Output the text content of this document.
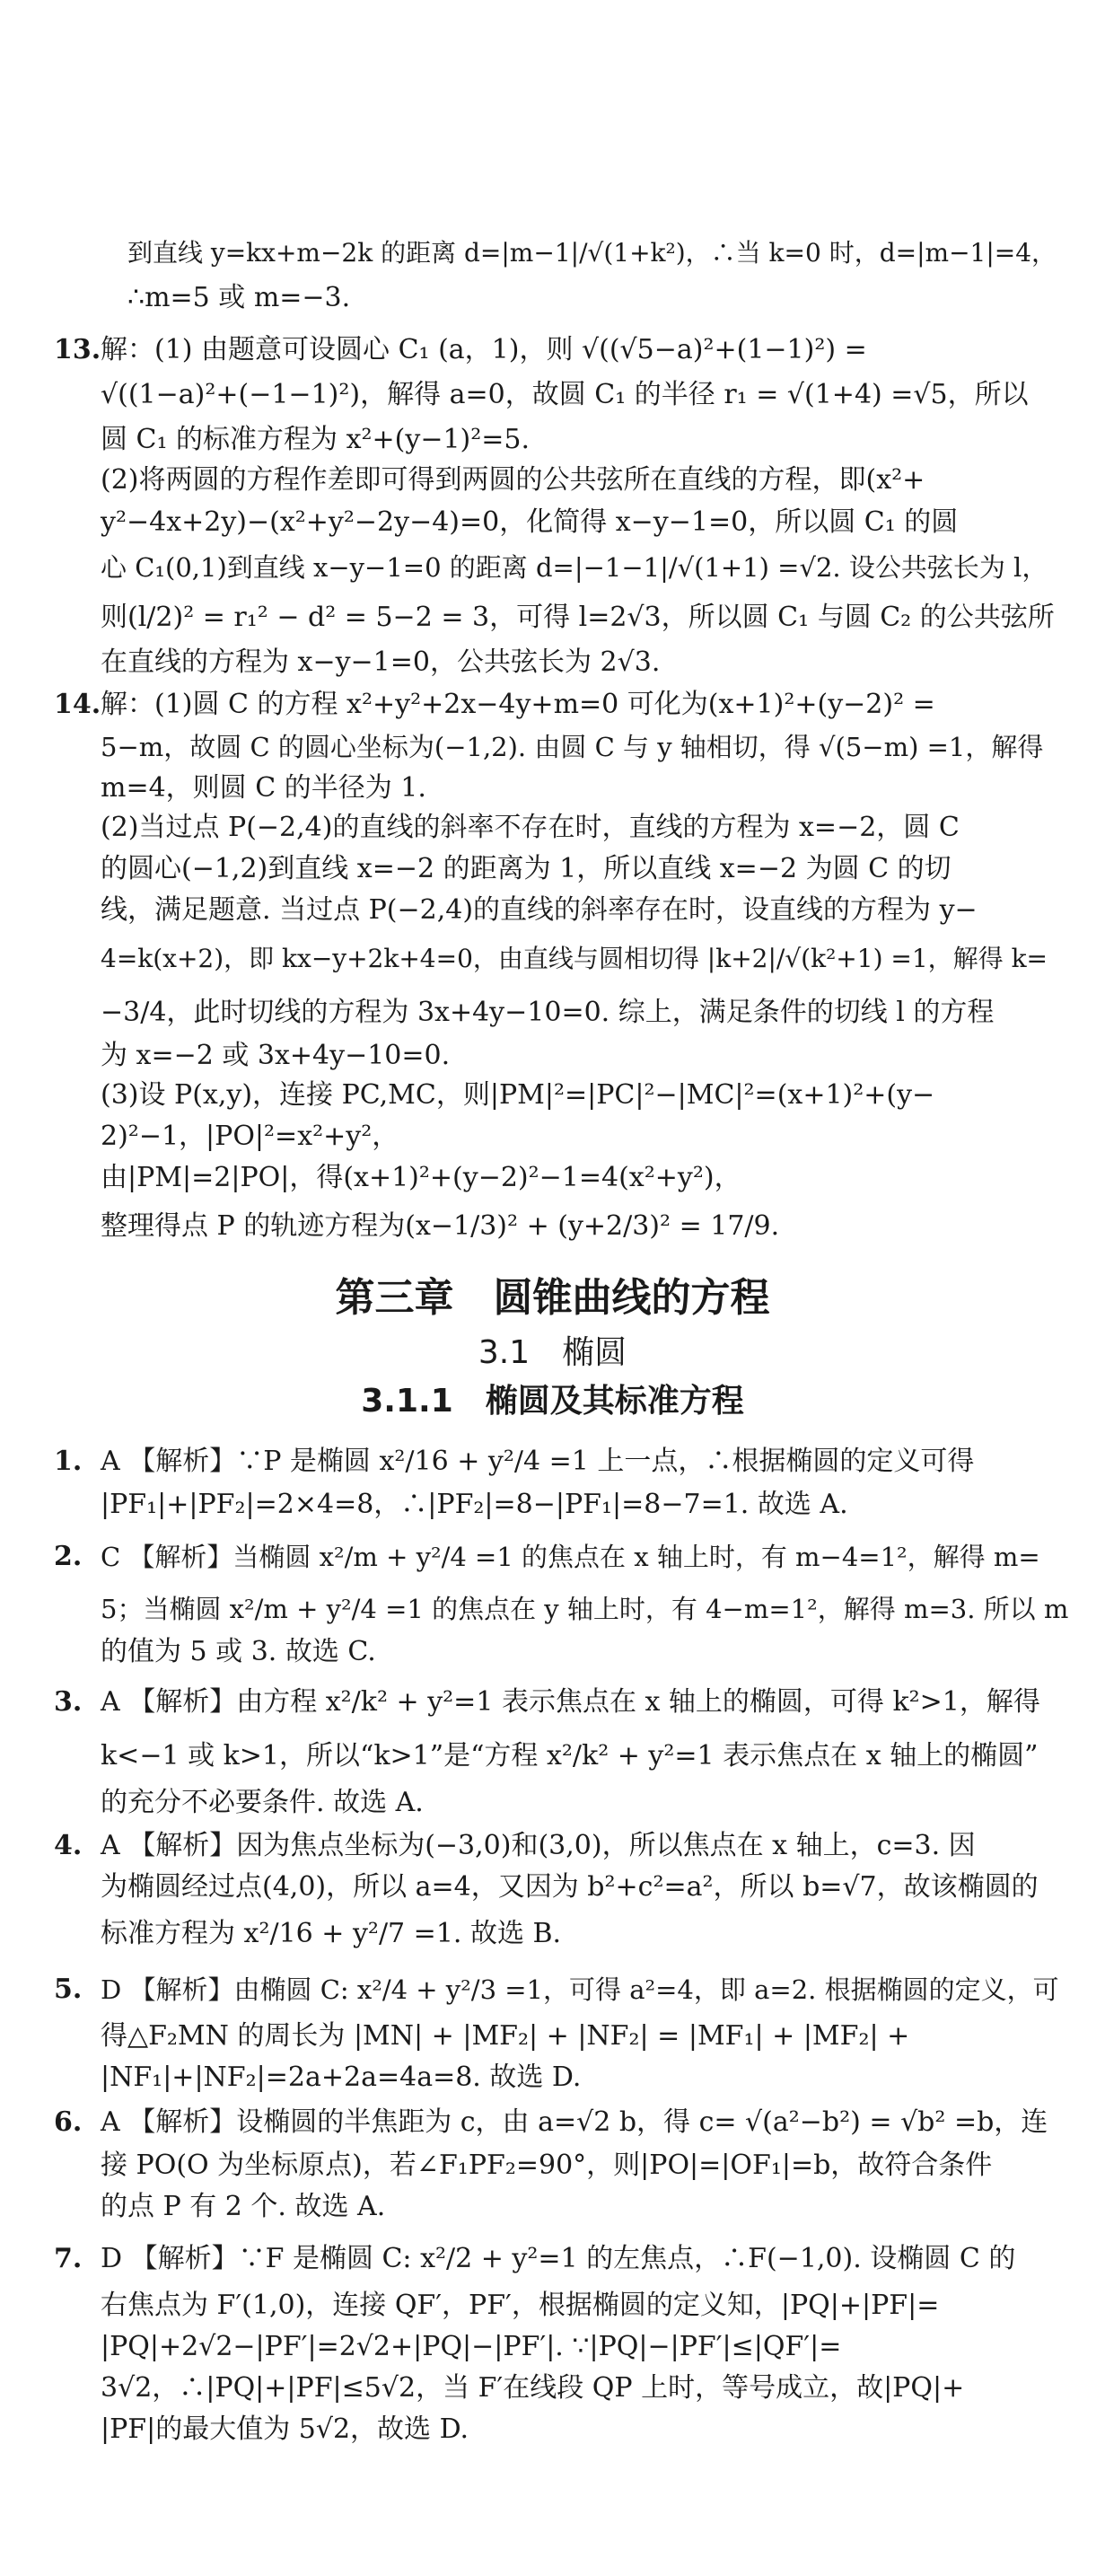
到直线 y=kx+m−2k 的距离 d=|m−1|/√(1+k²)，∴当 k=0 时，d=|m−1|=4，
∴m=5 或 m=−3.
13. 解：(1) 由题意可设圆心 C₁ (a，1)，则 √((√5−a)²+(1−1)²) =
√((1−a)²+(−1−1)²)，解得 a=0，故圆 C₁ 的半径 r₁ = √(1+4) =√5，所以
圆 C₁ 的标准方程为 x²+(y−1)²=5.
(2)将两圆的方程作差即可得到两圆的公共弦所在直线的方程，即(x²+
y²−4x+2y)−(x²+y²−2y−4)=0，化简得 x−y−1=0，所以圆 C₁ 的圆
心 C₁(0,1)到直线 x−y−1=0 的距离 d=|−1−1|/√(1+1) =√2. 设公共弦长为 l，
则(l/2)² = r₁² − d² = 5−2 = 3，可得 l=2√3，所以圆 C₁ 与圆 C₂ 的公共弦所
在直线的方程为 x−y−1=0，公共弦长为 2√3.
14. 解：(1)圆 C 的方程 x²+y²+2x−4y+m=0 可化为(x+1)²+(y−2)² =
5−m，故圆 C 的圆心坐标为(−1,2). 由圆 C 与 y 轴相切，得 √(5−m) =1，解得
m=4，则圆 C 的半径为 1.
(2)当过点 P(−2,4)的直线的斜率不存在时，直线的方程为 x=−2，圆 C
的圆心(−1,2)到直线 x=−2 的距离为 1，所以直线 x=−2 为圆 C 的切
线，满足题意. 当过点 P(−2,4)的直线的斜率存在时，设直线的方程为 y−
4=k(x+2)，即 kx−y+2k+4=0，由直线与圆相切得 |k+2|/√(k²+1) =1，解得 k=
−3/4，此时切线的方程为 3x+4y−10=0. 综上，满足条件的切线 l 的方程
为 x=−2 或 3x+4y−10=0.
(3)设 P(x,y)，连接 PC,MC，则|PM|²=|PC|²−|MC|²=(x+1)²+(y−
2)²−1，|PO|²=x²+y²，
由|PM|=2|PO|，得(x+1)²+(y−2)²−1=4(x²+y²)，
整理得点 P 的轨迹方程为(x−1/3)² + (y+2/3)² = 17/9.
第三章　圆锥曲线的方程
3.1　椭圆
3.1.1　椭圆及其标准方程
1. A 【解析】∵P 是椭圆 x²/16 + y²/4 =1 上一点，∴根据椭圆的定义可得
|PF₁|+|PF₂|=2×4=8，∴|PF₂|=8−|PF₁|=8−7=1. 故选 A.
2. C 【解析】当椭圆 x²/m + y²/4 =1 的焦点在 x 轴上时，有 m−4=1²，解得 m=
5；当椭圆 x²/m + y²/4 =1 的焦点在 y 轴上时，有 4−m=1²，解得 m=3. 所以 m
的值为 5 或 3. 故选 C.
3. A 【解析】由方程 x²/k² + y²=1 表示焦点在 x 轴上的椭圆，可得 k²>1，解得
k<−1 或 k>1，所以“k>1”是“方程 x²/k² + y²=1 表示焦点在 x 轴上的椭圆”
的充分不必要条件. 故选 A.
4. A 【解析】因为焦点坐标为(−3,0)和(3,0)，所以焦点在 x 轴上，c=3. 因
为椭圆经过点(4,0)，所以 a=4，又因为 b²+c²=a²，所以 b=√7，故该椭圆的
标准方程为 x²/16 + y²/7 =1. 故选 B.
5. D 【解析】由椭圆 C: x²/4 + y²/3 =1，可得 a²=4，即 a=2. 根据椭圆的定义，可
得△F₂MN 的周长为 |MN| + |MF₂| + |NF₂| = |MF₁| + |MF₂| +
|NF₁|+|NF₂|=2a+2a=4a=8. 故选 D.
6. A 【解析】设椭圆的半焦距为 c，由 a=√2 b，得 c= √(a²−b²) = √b² =b，连
接 PO(O 为坐标原点)，若∠F₁PF₂=90°，则|PO|=|OF₁|=b，故符合条件
的点 P 有 2 个. 故选 A.
7. D 【解析】∵F 是椭圆 C: x²/2 + y²=1 的左焦点，∴F(−1,0). 设椭圆 C 的
右焦点为 F′(1,0)，连接 QF′，PF′，根据椭圆的定义知，|PQ|+|PF|=
|PQ|+2√2−|PF′|=2√2+|PQ|−|PF′|. ∵|PQ|−|PF′|≤|QF′|=
3√2，∴|PQ|+|PF|≤5√2，当 F′在线段 QP 上时，等号成立，故|PQ|+
|PF|的最大值为 5√2，故选 D.
